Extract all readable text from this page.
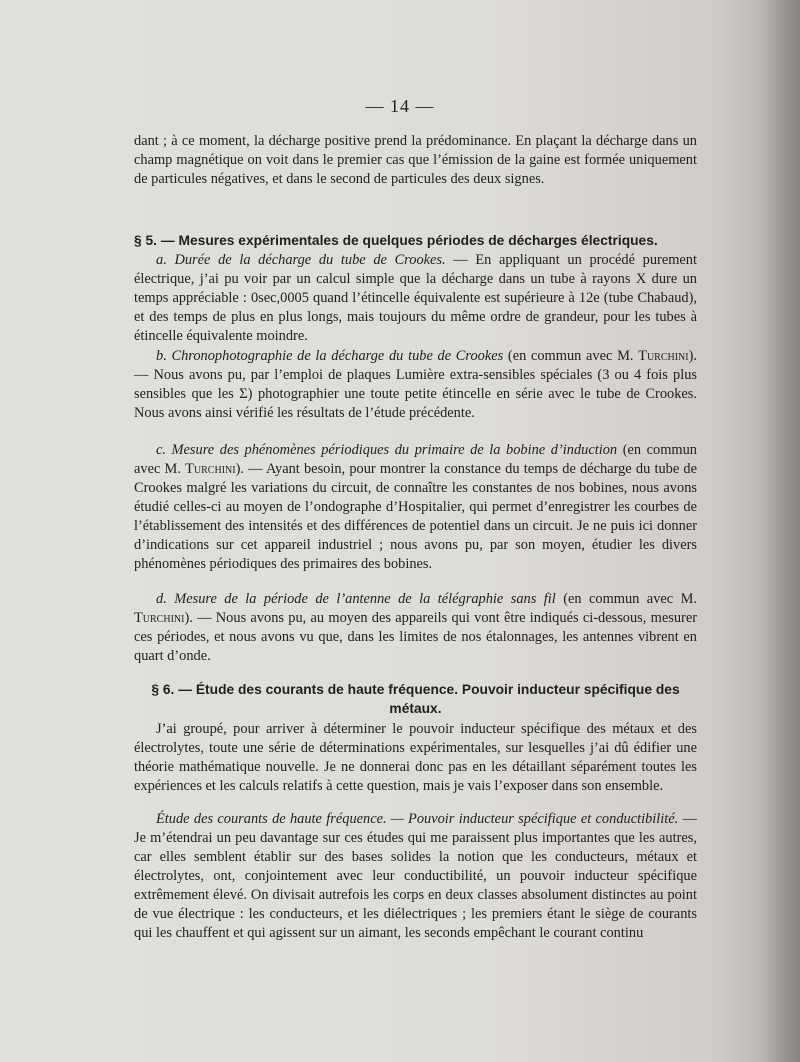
— 14 —

dant ; à ce moment, la décharge positive prend la prédominance. En plaçant la décharge dans un champ magnétique on voit dans le premier cas que l’émission de la gaine est formée uniquement de particules négatives, et dans le second de particules des deux signes.

§ 5. — Mesures expérimentales de quelques périodes de décharges électriques.

a. Durée de la décharge du tube de Crookes. — En appliquant un procédé purement électrique, j’ai pu voir par un calcul simple que la décharge dans un tube à rayons X dure un temps appréciable : 0sec,0005 quand l’étincelle équivalente est supérieure à 12e (tube Chabaud), et des temps de plus en plus longs, mais toujours du même ordre de grandeur, pour les tubes à étincelle équivalente moindre.

b. Chronophotographie de la décharge du tube de Crookes (en commun avec M. Turchini). — Nous avons pu, par l’emploi de plaques Lumière extra-sensibles spéciales (3 ou 4 fois plus sensibles que les Σ) photographier une toute petite étincelle en série avec le tube de Crookes. Nous avons ainsi vérifié les résultats de l’étude précédente.

c. Mesure des phénomènes périodiques du primaire de la bobine d’induction (en commun avec M. Turchini). — Ayant besoin, pour montrer la constance du temps de décharge du tube de Crookes malgré les variations du circuit, de connaître les constantes de nos bobines, nous avons étudié celles-ci au moyen de l’ondographe d’Hospitalier, qui permet d’enregistrer les courbes de l’établissement des intensités et des différences de potentiel dans un circuit. Je ne puis ici donner d’indications sur cet appareil industriel ; nous avons pu, par son moyen, étudier les divers phénomènes périodiques des primaires des bobines.

d. Mesure de la période de l’antenne de la télégraphie sans fil (en commun avec M. Turchini). — Nous avons pu, au moyen des appareils qui vont être indiqués ci-dessous, mesurer ces périodes, et nous avons vu que, dans les limites de nos étalonnages, les antennes vibrent en quart d’onde.

§ 6. — Étude des courants de haute fréquence. Pouvoir inducteur spécifique des métaux.

J’ai groupé, pour arriver à déterminer le pouvoir inducteur spécifique des métaux et des électrolytes, toute une série de déterminations expérimentales, sur lesquelles j’ai dû édifier une théorie mathématique nouvelle. Je ne donnerai donc pas en les détaillant séparément toutes les expériences et les calculs relatifs à cette question, mais je vais l’exposer dans son ensemble.

Étude des courants de haute fréquence. — Pouvoir inducteur spécifique et conductibilité. — Je m’étendrai un peu davantage sur ces études qui me paraissent plus importantes que les autres, car elles semblent établir sur des bases solides la notion que les conducteurs, métaux et électrolytes, ont, conjointement avec leur conductibilité, un pouvoir inducteur spécifique extrêmement élevé. On divisait autrefois les corps en deux classes absolument distinctes au point de vue électrique : les conducteurs, et les diélectriques ; les premiers étant le siège de courants qui les chauffent et qui agissent sur un aimant, les seconds empêchant le courant continu
